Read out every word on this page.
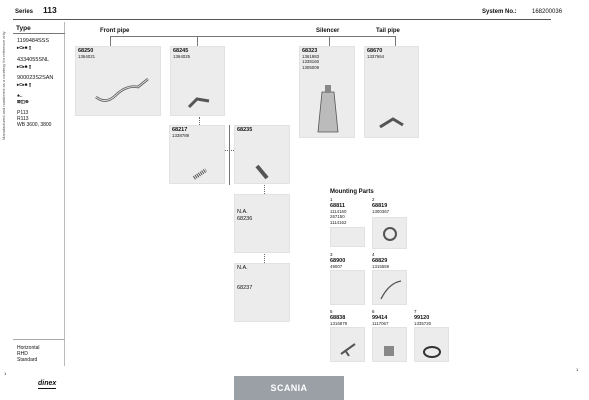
Series 113	System No.:	168200036
Manufactured and numbered as a courtesy for reference only
Type
1199484SSS
▸C▸■ ▯
4334055SNL
▸C▸■ ▯
900023S2SAN
▸C▸■ ▯
♣..
⊠◫⊕
P113
R113
WB 3600, 3800
Horizontal
RHD
Standard
Front pipe	Silencer	Tail pipe
Mounting Parts
68250
1364021
68245
1364025
68323
1361983
1338160
1305009
68670
1337664
68217
1338789
68235
N.A.
68236
N.A.
68237
1
68811
1114160
267150
1114162
2
68819
1300367
3
68900
49007
4
68829
1315559
5
68838
1316879
6
99414
1117067
7
99120
1335720
dinex	SCANIA
1
1
